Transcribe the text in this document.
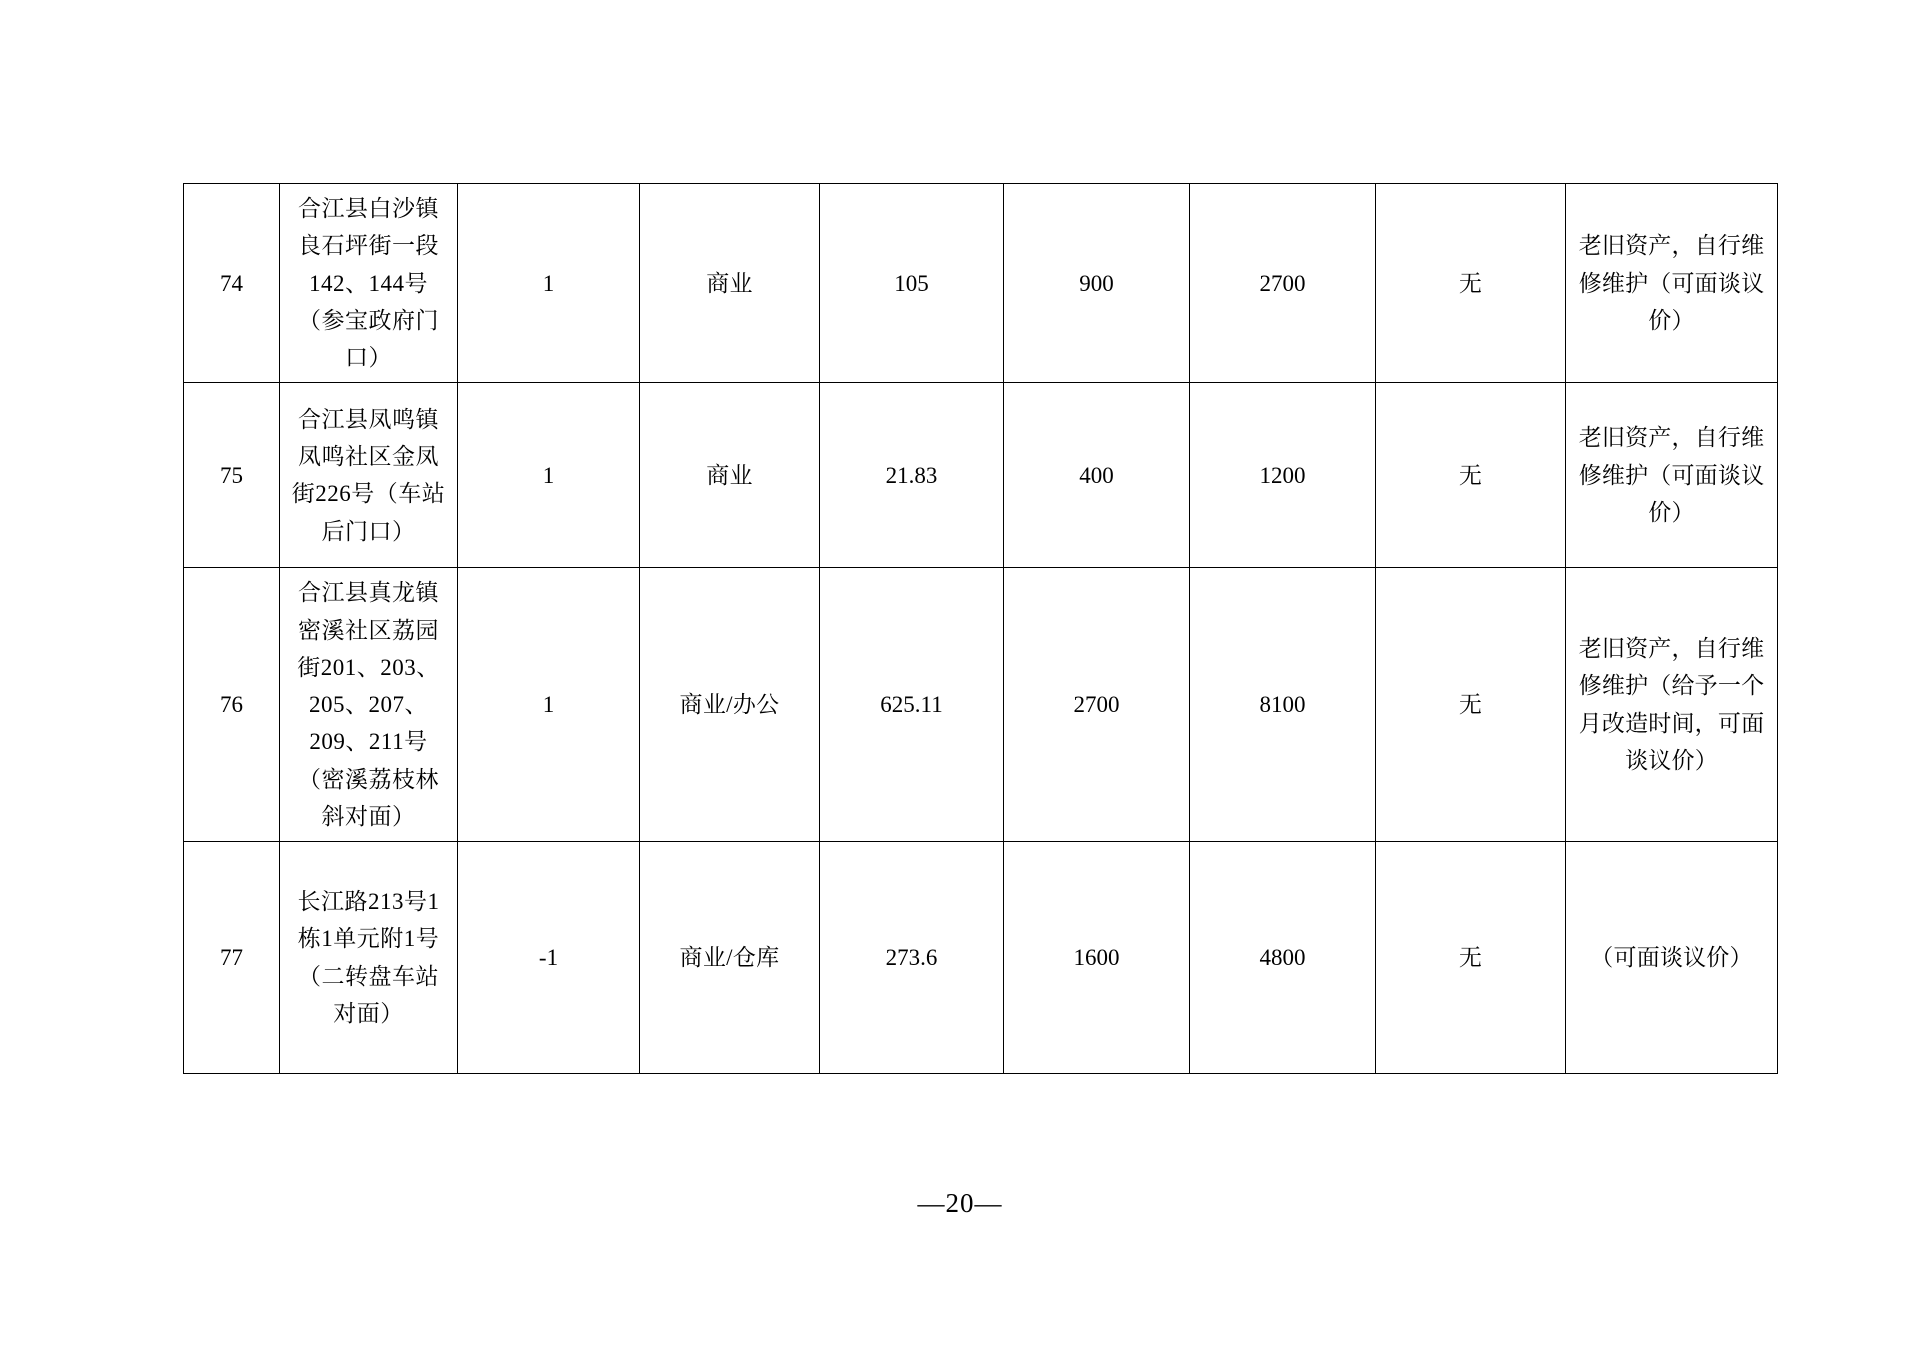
74	合江县白沙镇良石坪街一段142、144号（参宝政府门口）	1	商业	105	900	2700	无	老旧资产，自行维修维护（可面谈议价）
75	合江县凤鸣镇凤鸣社区金凤街226号（车站后门口）	1	商业	21.83	400	1200	无	老旧资产，自行维修维护（可面谈议价）
76	合江县真龙镇密溪社区荔园街201、203、205、207、209、211号（密溪荔枝林斜对面）	1	商业/办公	625.11	2700	8100	无	老旧资产，自行维修维护（给予一个月改造时间，可面谈议价）
77	长江路213号1栋1单元附1号（二转盘车站对面）	-1	商业/仓库	273.6	1600	4800	无	（可面谈议价）
—20—
